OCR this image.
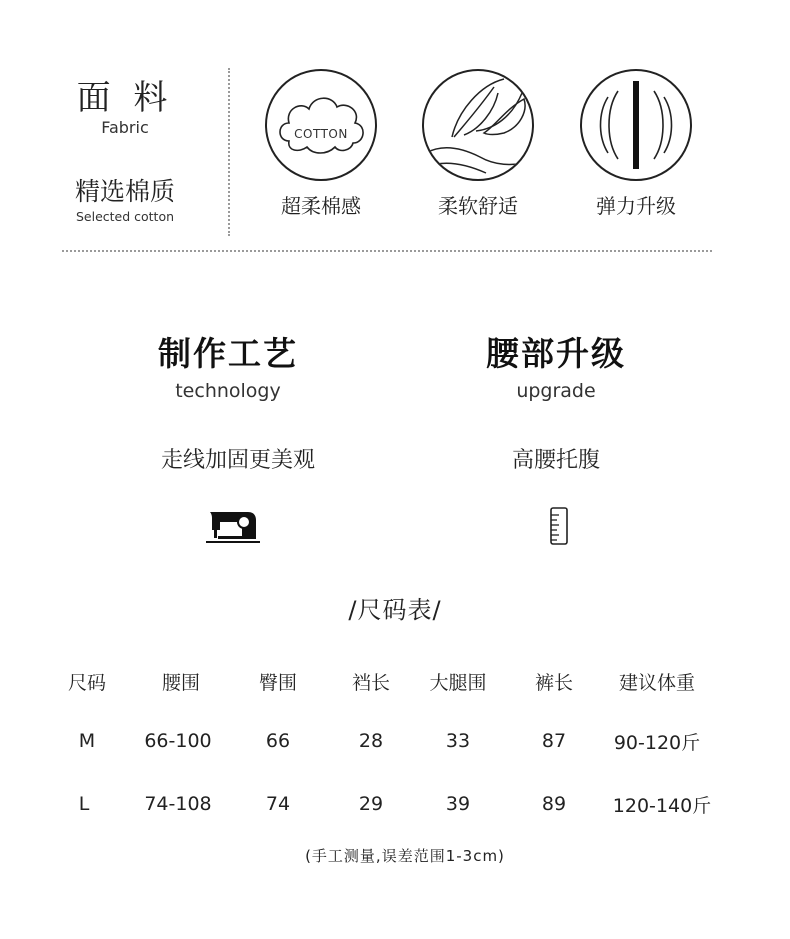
面 料
Fabric
精选棉质
Selected cotton
COTTON
超柔棉感	柔软舒适	弹力升级
制作工艺
technology
走线加固更美观
腰部升级
upgrade
高腰托腹
/尺码表/
尺码	腰围	臀围	裆长	大腿围	裤长	建议体重
M	66-100	66	28	33	87	90-120斤
L	74-108	74	29	39	89	120-140斤
(手工测量,误差范围1-3cm)
